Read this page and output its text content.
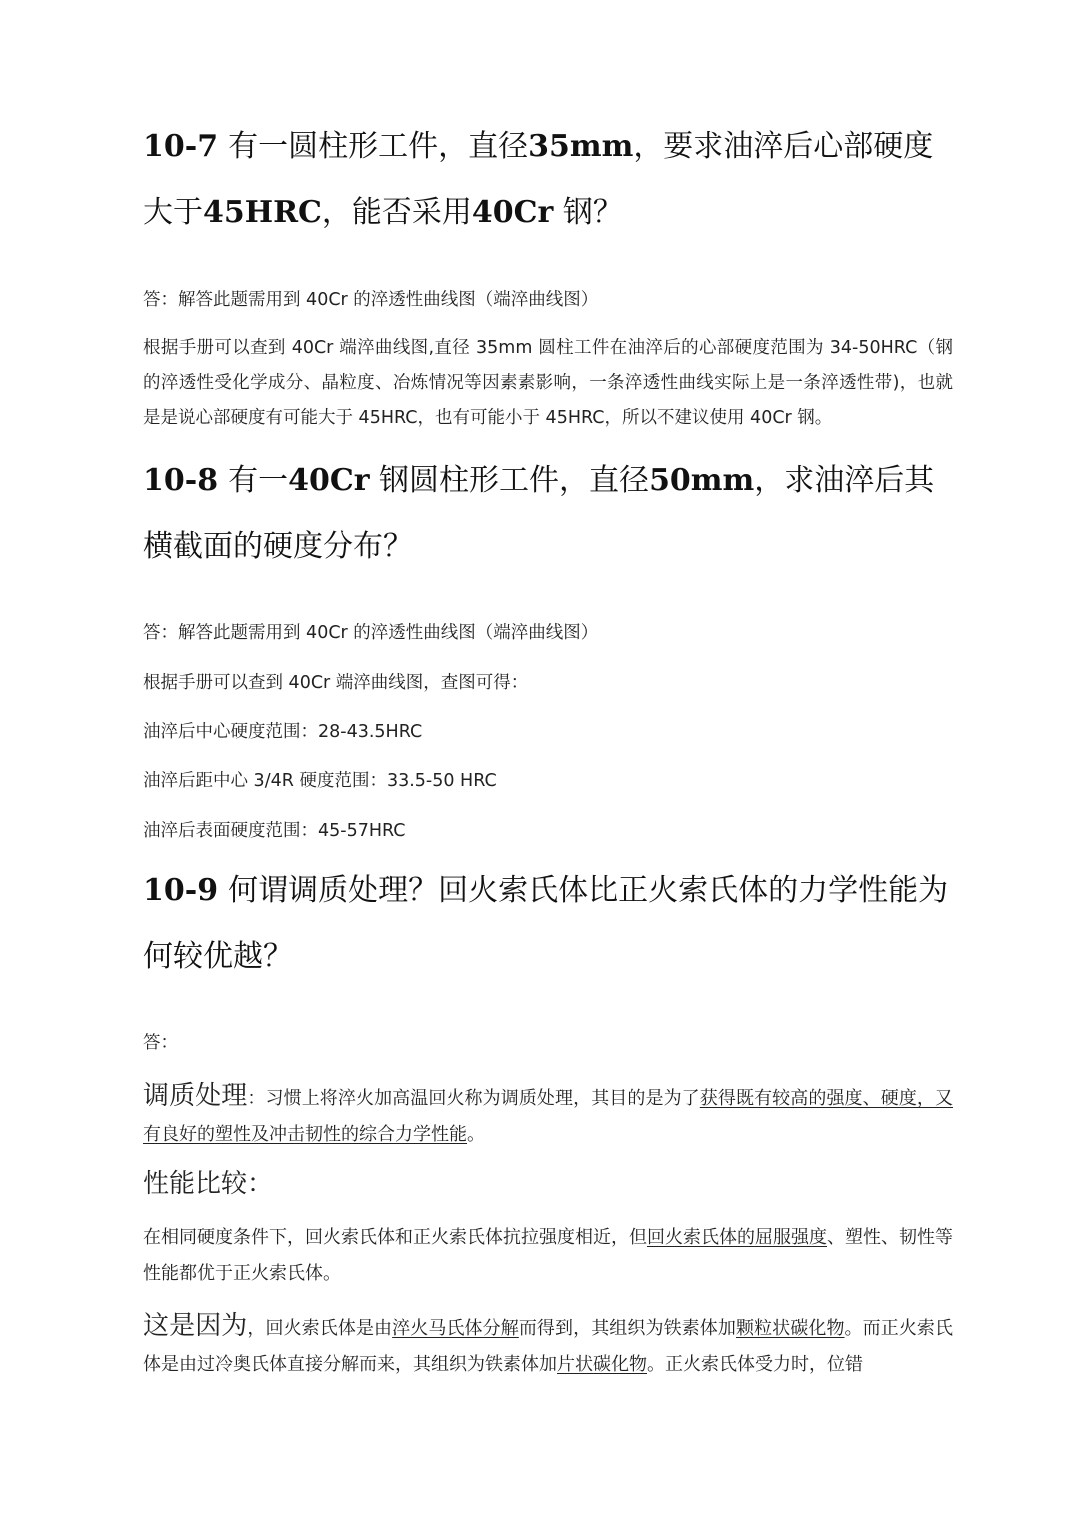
10-7 有一圆柱形工件，直径35mm，要求油淬后心部硬度大于45HRC，能否采用40Cr 钢？

答：解答此题需用到 40Cr 的淬透性曲线图（端淬曲线图）

根据手册可以查到 40Cr 端淬曲线图,直径 35mm 圆柱工件在油淬后的心部硬度范围为 34-50HRC（钢的淬透性受化学成分、晶粒度、冶炼情况等因素素影响，一条淬透性曲线实际上是一条淬透性带)，也就是是说心部硬度有可能大于 45HRC，也有可能小于 45HRC，所以不建议使用 40Cr 钢。

10-8 有一40Cr 钢圆柱形工件，直径50mm，求油淬后其横截面的硬度分布？

答：解答此题需用到 40Cr 的淬透性曲线图（端淬曲线图）

根据手册可以查到 40Cr 端淬曲线图，查图可得：

油淬后中心硬度范围：28-43.5HRC

油淬后距中心 3/4R 硬度范围：33.5-50 HRC

油淬后表面硬度范围：45-57HRC

10-9 何谓调质处理？回火索氏体比正火索氏体的力学性能为何较优越？

答：

调质处理：习惯上将淬火加高温回火称为调质处理，其目的是为了获得既有较高的强度、硬度，又有良好的塑性及冲击韧性的综合力学性能。

性能比较：

在相同硬度条件下，回火索氏体和正火索氏体抗拉强度相近，但回火索氏体的屈服强度、塑性、韧性等性能都优于正火索氏体。

这是因为，回火索氏体是由淬火马氏体分解而得到，其组织为铁素体加颗粒状碳化物。而正火索氏体是由过冷奥氏体直接分解而来，其组织为铁素体加片状碳化物。正火索氏体受力时，位错
